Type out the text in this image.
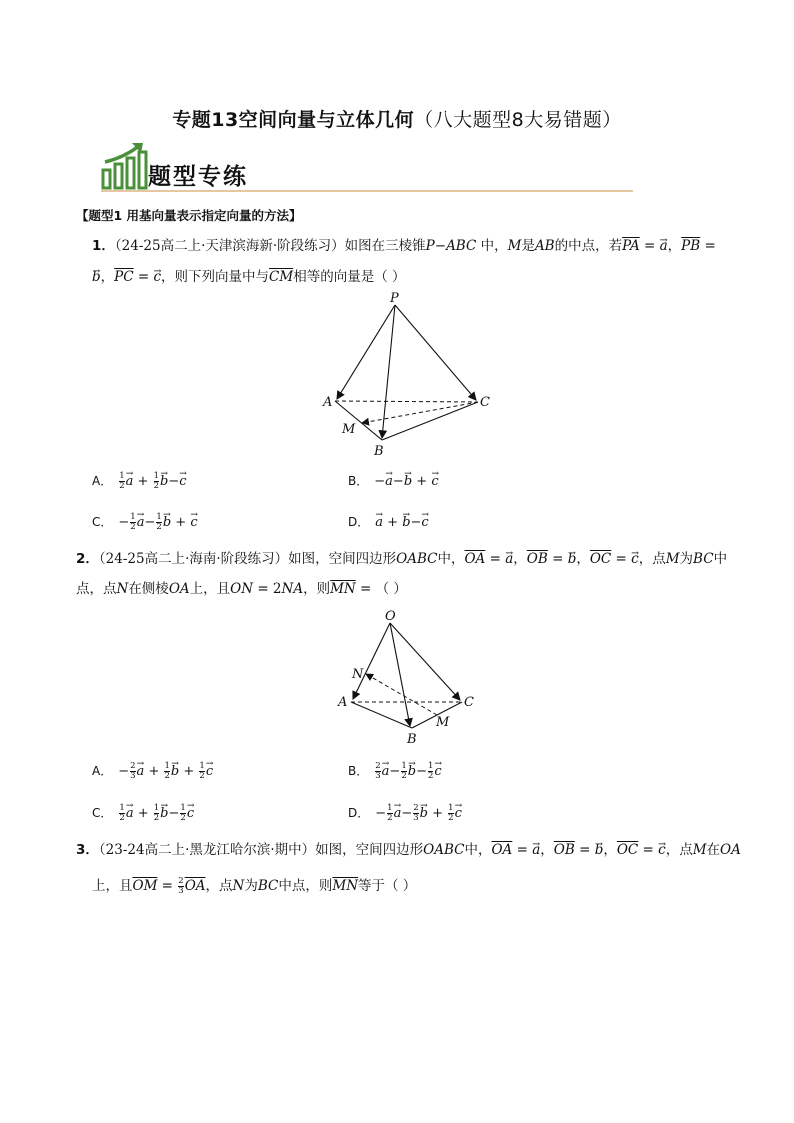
专题13空间向量与立体几何（八大题型8大易错题）
题型专练
【题型1 用基向量表示指定向量的方法】
1．（24-25高二上·天津滨海新·阶段练习）如图在三棱锥P−ABC 中，M是AB的中点，若$\overline{PA}$ = → a，$\overline{PB}$ =
→ b，$\overline{PC}$ = → c，则下列向量中与$\overline{CM}$相等的向量是（ ）
P
A	C
M
B
A． $\frac{1}{2} \to a + \frac{1}{2} \to b-\to c$	B． −→ a−→ b + → c
C． − $\frac{1}{2} \to a- \frac{1}{2} \to b$ + → c	D． → a + → b−→ c
2．（24-25高二上·海南·阶段练习）如图，空间四边形OABC中，$\overline{OA}$ = → a，$\overline{OB}$ = → b，$\overline{OC}$ = → c，点M为BC中
点，点N在侧棱OA上，且ON = 2NA，则$\overline{MN}$ = （ ）
O
N
A	C
M
B
A． − $\frac{2}{3} \to a + \frac{1}{2} \to b + \frac{1}{2} \to c$	B． $\frac{2}{3} \to a- \frac{1}{2} \to b- \frac{1}{2} \to c$
C． $\frac{1}{2} \to a + \frac{1}{2} \to b- \frac{1}{2} \to c$	D． − $\frac{1}{2} \to a- \frac{2}{3} \to b + \frac{1}{2} \to c$
3．（23-24高二上·黑龙江哈尔滨·期中）如图，空间四边形OABC中，$\overline{OA}$ = → a，$\overline{OB}$ = → b，$\overline{OC}$ = → c，点M在OA
上，且$\overline{OM} = \frac{2}{3} \overline{OA}$，点N为BC中点，则$\overline{MN}$等于（ ）
